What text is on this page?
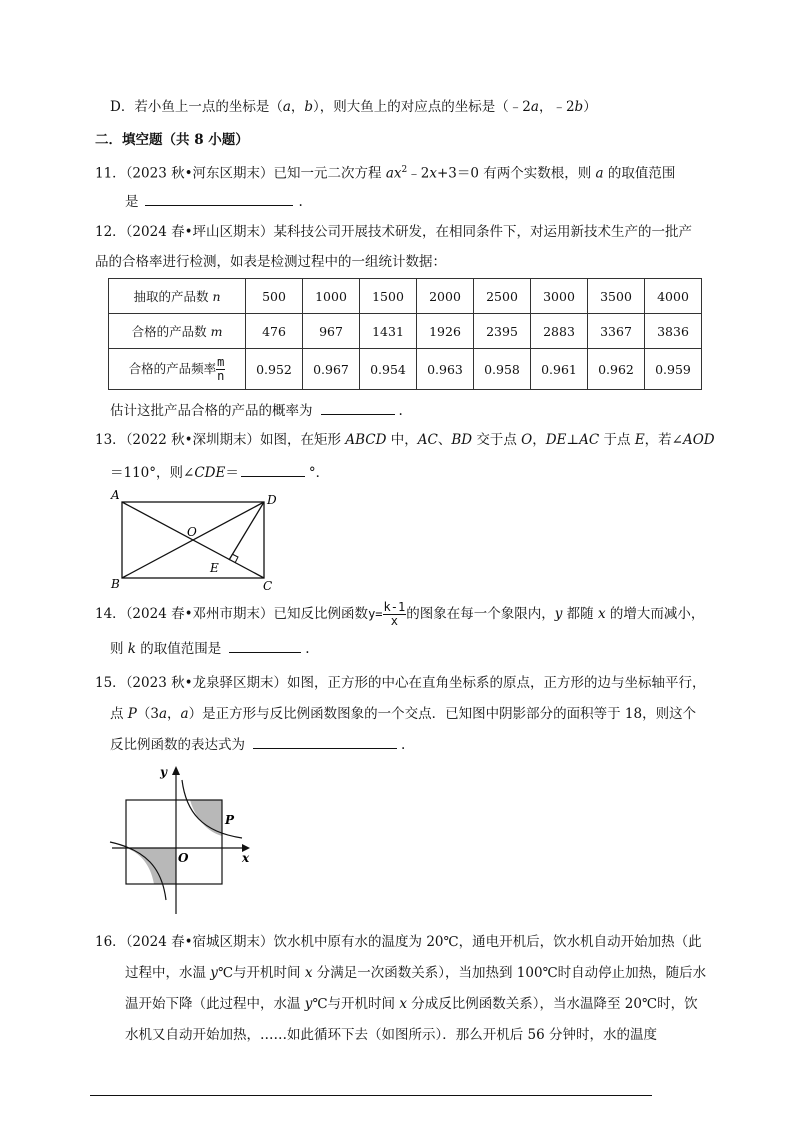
D．若小鱼上一点的坐标是（a，b），则大鱼上的对应点的坐标是（﹣2a，﹣2b）
二．填空题（共 8 小题）
11．（2023 秋•河东区期末）已知一元二次方程 $ax^2﹣2x+3=0$ 有两个实数根，则 a 的取值范围
是	.
12．（2024 春•坪山区期末）某科技公司开展技术研发，在相同条件下，对运用新技术生产的一批产
品的合格率进行检测，如表是检测过程中的一组统计数据：
抽取的产品数 n	500	1000	1500	2000	2500	3000	3500	4000
合格的产品数 m	476	967	1431	1926	2395	2883	3367	3836
合格的产品频率 $\frac{m}{n}$	0.952	0.967	0.954	0.963	0.958	0.961	0.962	0.959
估计这批产品合格的产品的概率为	.
13．（2022 秋•深圳期末）如图，在矩形 ABCD 中，AC、BD 交于点 O，DE⊥AC 于点 E，若∠AOD
＝110°，则∠CDE＝	°．
A
B	C
D
O
E
14．（2024 春•邓州市期末）已知反比例函数$y= \frac{k-1}{x}$ 的图象在每一个象限内，y 都随 x 的增大而减小，
则 k 的取值范围是	.
15．（2023 秋•龙泉驿区期末）如图，正方形的中心在直角坐标系的原点，正方形的边与坐标轴平行，
点 P（3a，a）是正方形与反比例函数图象的一个交点．已知图中阴影部分的面积等于 18，则这个
反比例函数的表达式为	.
y
x
O
P
16．（2024 春•宿城区期末）饮水机中原有水的温度为 20℃，通电开机后，饮水机自动开始加热（此
过程中，水温 y℃与开机时间 x 分满足一次函数关系），当加热到 100℃时自动停止加热，随后水
温开始下降（此过程中，水温 y℃与开机时间 x 分成反比例函数关系），当水温降至 20℃时，饮
水机又自动开始加热，……如此循环下去（如图所示）．那么开机后 56 分钟时，水的温度
